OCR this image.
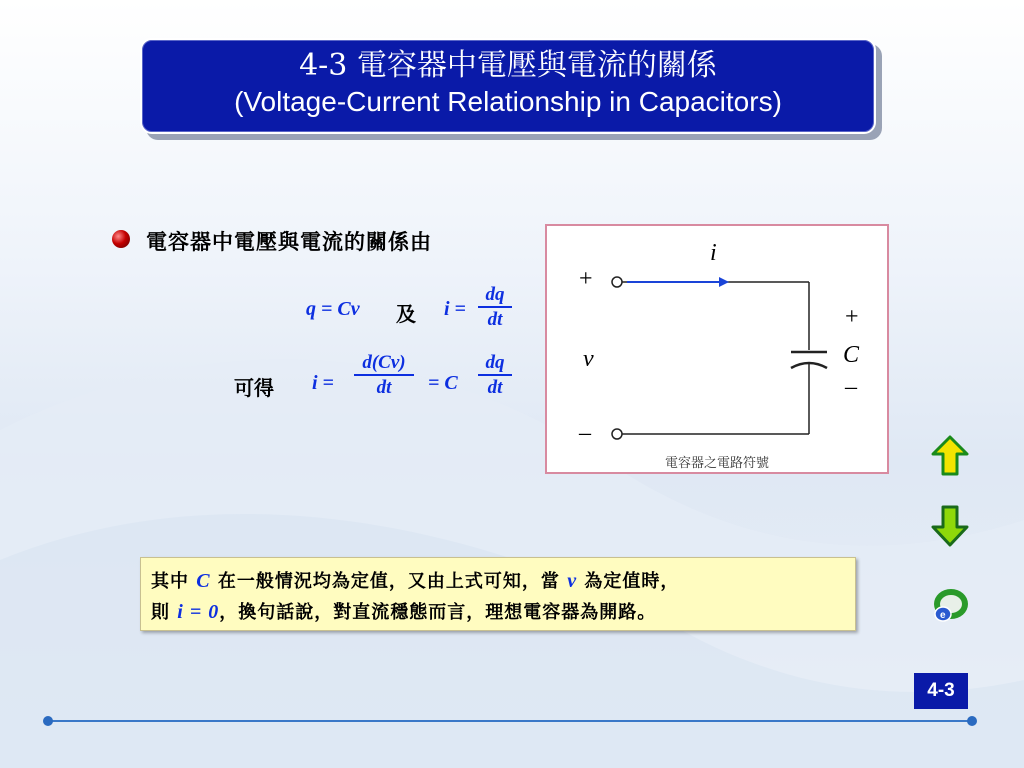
4-3 電容器中電壓與電流的關係
(Voltage-Current Relationship in Capacitors)
電容器中電壓與電流的關係由
q = Cv 及 $i = \frac{dq}{dt}$
可得 $i = \frac{d(Cv)}{dt} = C \frac{dq}{dt}$
i
+
v
–
+
C
–
電容器之電路符號
其中 C 在一般情況均為定值，又由上式可知，當 v 為定值時，
則 i = 0，換句話說，對直流穩態而言，理想電容器為開路。	e
4-3
